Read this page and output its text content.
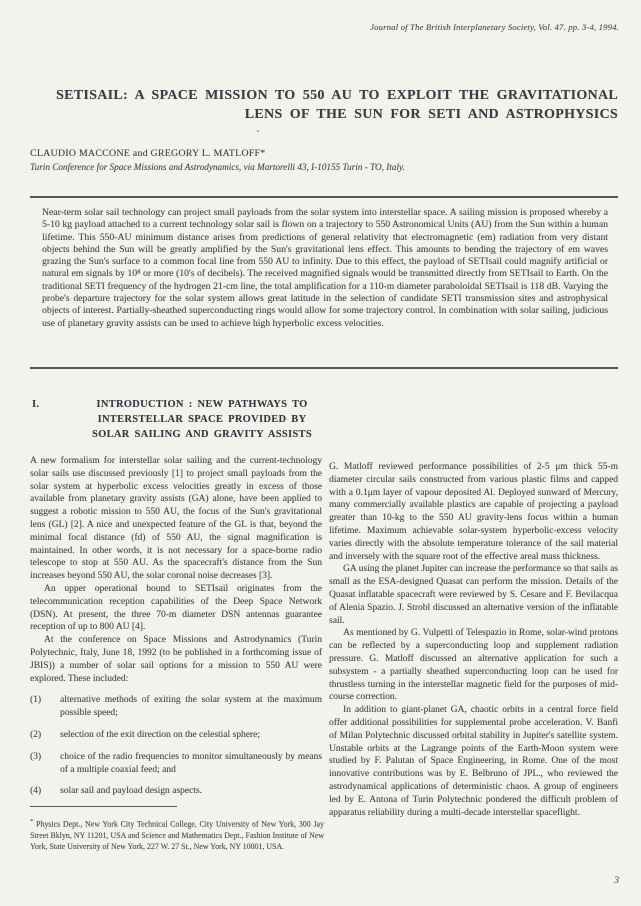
Journal of The British Interplanetary Society, Vol. 47. pp. 3-4, 1994.
SETISAIL: A SPACE MISSION TO 550 AU TO EXPLOIT THE GRAVITATIONAL
LENS OF THE SUN FOR SETI AND ASTROPHYSICS
`
CLAUDIO MACCONE and GREGORY L. MATLOFF*
Turin Conference for Space Missions and Astrodynamics, via Martorelli 43, I-10155 Turin - TO, Italy.
Near-term solar sail technology can project small payloads from the solar system into interstellar space. A sailing mission is proposed whereby a 5-10 kg payload attached to a current technology solar sail is flown on a trajectory to 550 Astronomical Units (AU) from the Sun within a human lifetime. This 550-AU minimum distance arises from predictions of general relativity that electromagnetic (em) radiation from very distant objects behind the Sun will be greatly amplified by the Sun's gravitational lens effect. This amounts to bending the trajectory of em waves grazing the Sun's surface to a common focal line from 550 AU to infinity. Due to this effect, the payload of SETIsail could magnify artificial or natural em signals by 10⁸ or more (10's of decibels). The received magnified signals would be transmitted directly from SETIsail to Earth. On the traditional SETI frequency of the hydrogen 21-cm line, the total amplification for a 110-m diameter paraboloidal SETIsail is 118 dB. Varying the probe's departure trajectory for the solar system allows great latitude in the selection of candidate SETI transmission sites and astrophysical objects of interest. Partially-sheathed superconducting rings would allow for some trajectory control. In combination with solar sailing, judicious use of planetary gravity assists can be used to achieve high hyperbolic excess velocities.
I.	INTRODUCTION : NEW PATHWAYS TO
INTERSTELLAR SPACE PROVIDED BY
SOLAR SAILING AND GRAVITY ASSISTS

A new formalism for interstellar solar sailing and the current-technology solar sails use discussed previously [1] to project small payloads from the solar system at hyperbolic excess velocities greatly in excess of those available from planetary gravity assists (GA) alone, have been applied to suggest a robotic mission to 550 AU, the focus of the Sun's gravitational lens (GL) [2]. A nice and unexpected feature of the GL is that, beyond the minimal focal distance (fd) of 550 AU, the signal magnification is maintained. In other words, it is not necessary for a space-borne radio telescope to stop at 550 AU. As the spacecraft's distance from the Sun increases beyond 550 AU, the solar coronal noise decreases [3].

An upper operational bound to SETIsail originates from the telecommunication reception capabilities of the Deep Space Network (DSN). At present, the three 70-m diameter DSN antennas guarantee reception of up to 800 AU [4].

At the conference on Space Missions and Astrodynamics (Turin Polytechnic, Italy, June 18, 1992 (to be published in a forthcoming issue of JBIS)) a number of solar sail options for a mission to 550 AU were explored. These included:

(1)	alternative methods of exiting the solar system at the maximum possible speed;
(2)	selection of the exit direction on the celestial sphere;
(3)	choice of the radio frequencies to monitor simultaneously by means of a multiple coaxial feed; and
(4)	solar sail and payload design aspects.

G. Matloff reviewed performance possibilities of 2-5 μm thick 55-m diameter circular sails constructed from various plastic films and capped with a 0.1μm layer of vapour deposited Al. Deployed sunward of Mercury, many commercially available plastics are capable of projecting a payload greater than 10-kg to the 550 AU gravity-lens focus within a human lifetime. Maximum achievable solar-system hyperbolic-excess velocity varies directly with the absolute temperature tolerance of the sail material and inversely with the square root of the effective areal mass thickness.

GA using the planet Jupiter can increase the performance so that sails as small as the ESA-designed Quasat can perform the mission. Details of the Quasat inflatable spacecraft were reviewed by S. Cesare and F. Bevilacqua of Alenia Spazio. J. Strobl discussed an alternative version of the inflatable sail.

As mentioned by G. Vulpetti of Telespazio in Rome, solar-wind protons can be reflected by a superconducting loop and supplement radiation pressure. G. Matloff discussed an alternative application for such a subsystem - a partially sheathed superconducting loop can be used for thrustless turning in the interstellar magnetic field for the purposes of mid-course correction.

In addition to giant-planet GA, chaotic orbits in a central force field offer additional possibilities for supplemental probe acceleration. V. Banfi of Milan Polytechnic discussed orbital stability in Jupiter's satellite system. Unstable orbits at the Lagrange points of the Earth-Moon system were studied by F. Palutan of Space Engineering, in Rome. One of the most innovative contributions was by E. Belbruno of JPL., who reviewed the astrodynamical applications of deterministic chaos. A group of engineers led by E. Antona of Turin Polytechnic pondered the difficult problem of apparatus reliability during a multi-decade interstellar spaceflight.

* Physics Dept., New York City Technical College, City University of New York, 300 Jay Street Bklyn, NY 11201, USA and Science and Mathematics Dept., Fashion Institute of New York, State University of New York, 227 W. 27 St., New York, NY 10001, USA.
3
